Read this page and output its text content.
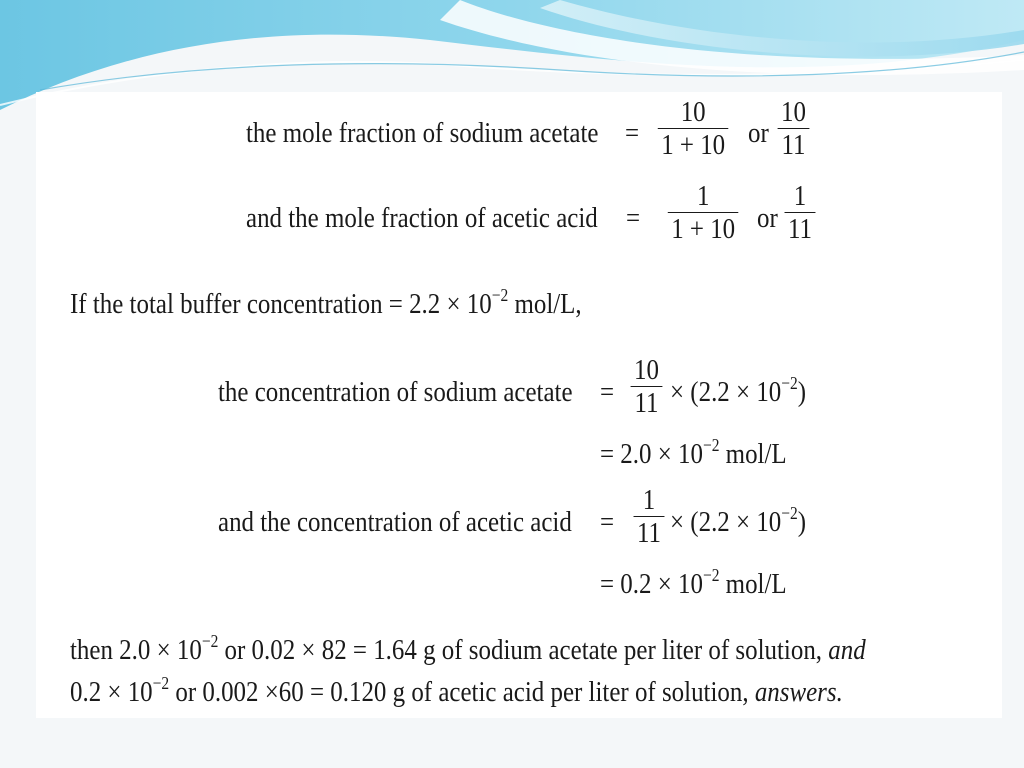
the mole fraction of sodium acetate =
10
1 + 10 or
10
11
and the mole fraction of acetic acid =
1
1 + 10 or
1
11
If the total buffer concentration = $2.2 \times 10^{-2}$ mol/L,
the concentration of sodium acetate =
10
$11 \times (2.2 \times 10^{-2})$
= $2.0 \times 10^{-2}$ mol/L
and the concentration of acetic acid =
1
$11 \times (2.2 \times 10^{-2})$
= $0.2 \times 10^{-2}$ mol/L
then $2.0 \times 10^{-2}$ or 0.02 × 82 = 1.64 g of sodium acetate per liter of solution, and
$0.2 \times 10^{-2}$ or 0.002 ×60 = 0.120 g of acetic acid per liter of solution, answers.
